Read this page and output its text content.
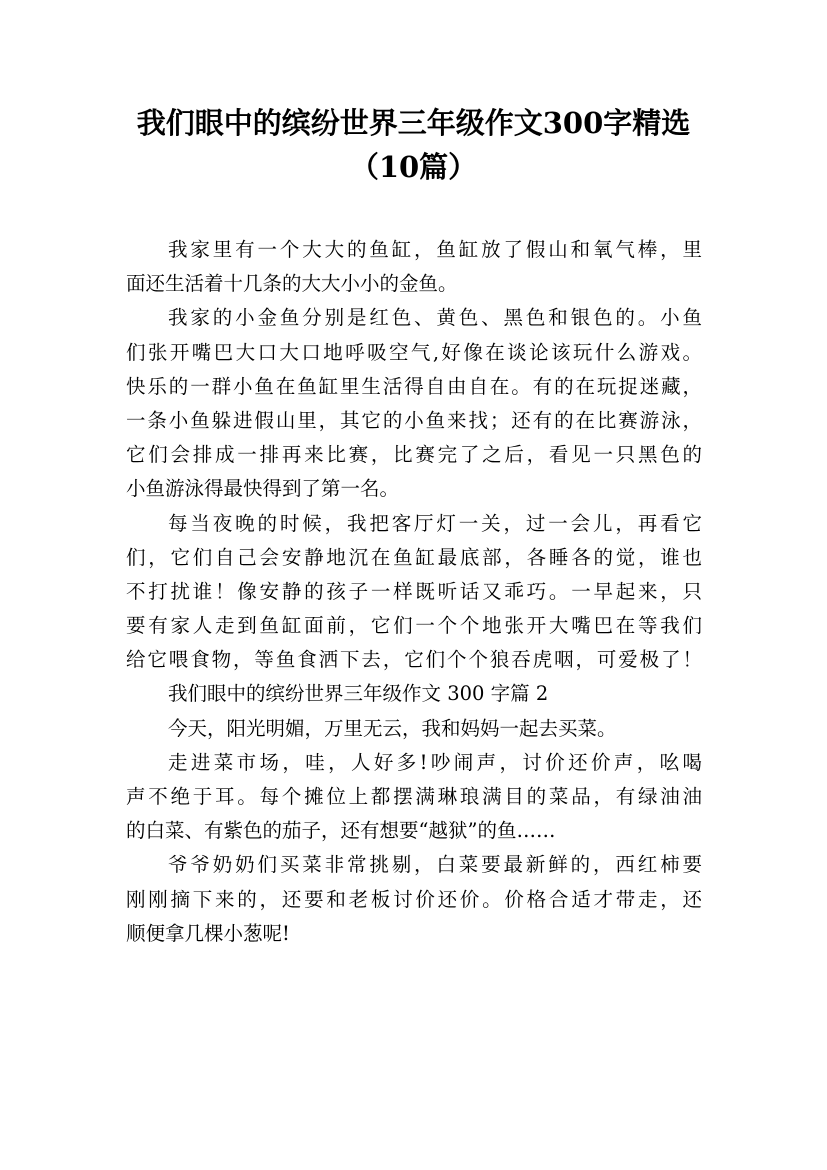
我们眼中的缤纷世界三年级作文300字精选
（10篇）
我家里有一个大大的鱼缸，鱼缸放了假山和氧气棒，里
面还生活着十几条的大大小小的金鱼。
我家的小金鱼分别是红色、黄色、黑色和银色的。小鱼
们张开嘴巴大口大口地呼吸空气,好像在谈论该玩什么游戏。
快乐的一群小鱼在鱼缸里生活得自由自在。有的在玩捉迷藏，
一条小鱼躲进假山里，其它的小鱼来找；还有的在比赛游泳，
它们会排成一排再来比赛，比赛完了之后，看见一只黑色的
小鱼游泳得最快得到了第一名。
每当夜晚的时候，我把客厅灯一关，过一会儿，再看它
们，它们自己会安静地沉在鱼缸最底部，各睡各的觉，谁也
不打扰谁！像安静的孩子一样既听话又乖巧。一早起来，只
要有家人走到鱼缸面前，它们一个个地张开大嘴巴在等我们
给它喂食物，等鱼食洒下去，它们个个狼吞虎咽，可爱极了！
我们眼中的缤纷世界三年级作文 300 字篇 2
今天，阳光明媚，万里无云，我和妈妈一起去买菜。
走进菜市场，哇，人好多!吵闹声，讨价还价声，吆喝
声不绝于耳。每个摊位上都摆满琳琅满目的菜品，有绿油油
的白菜、有紫色的茄子，还有想要“越狱”的鱼……
爷爷奶奶们买菜非常挑剔，白菜要最新鲜的，西红柿要
刚刚摘下来的，还要和老板讨价还价。价格合适才带走，还
顺便拿几棵小葱呢!
